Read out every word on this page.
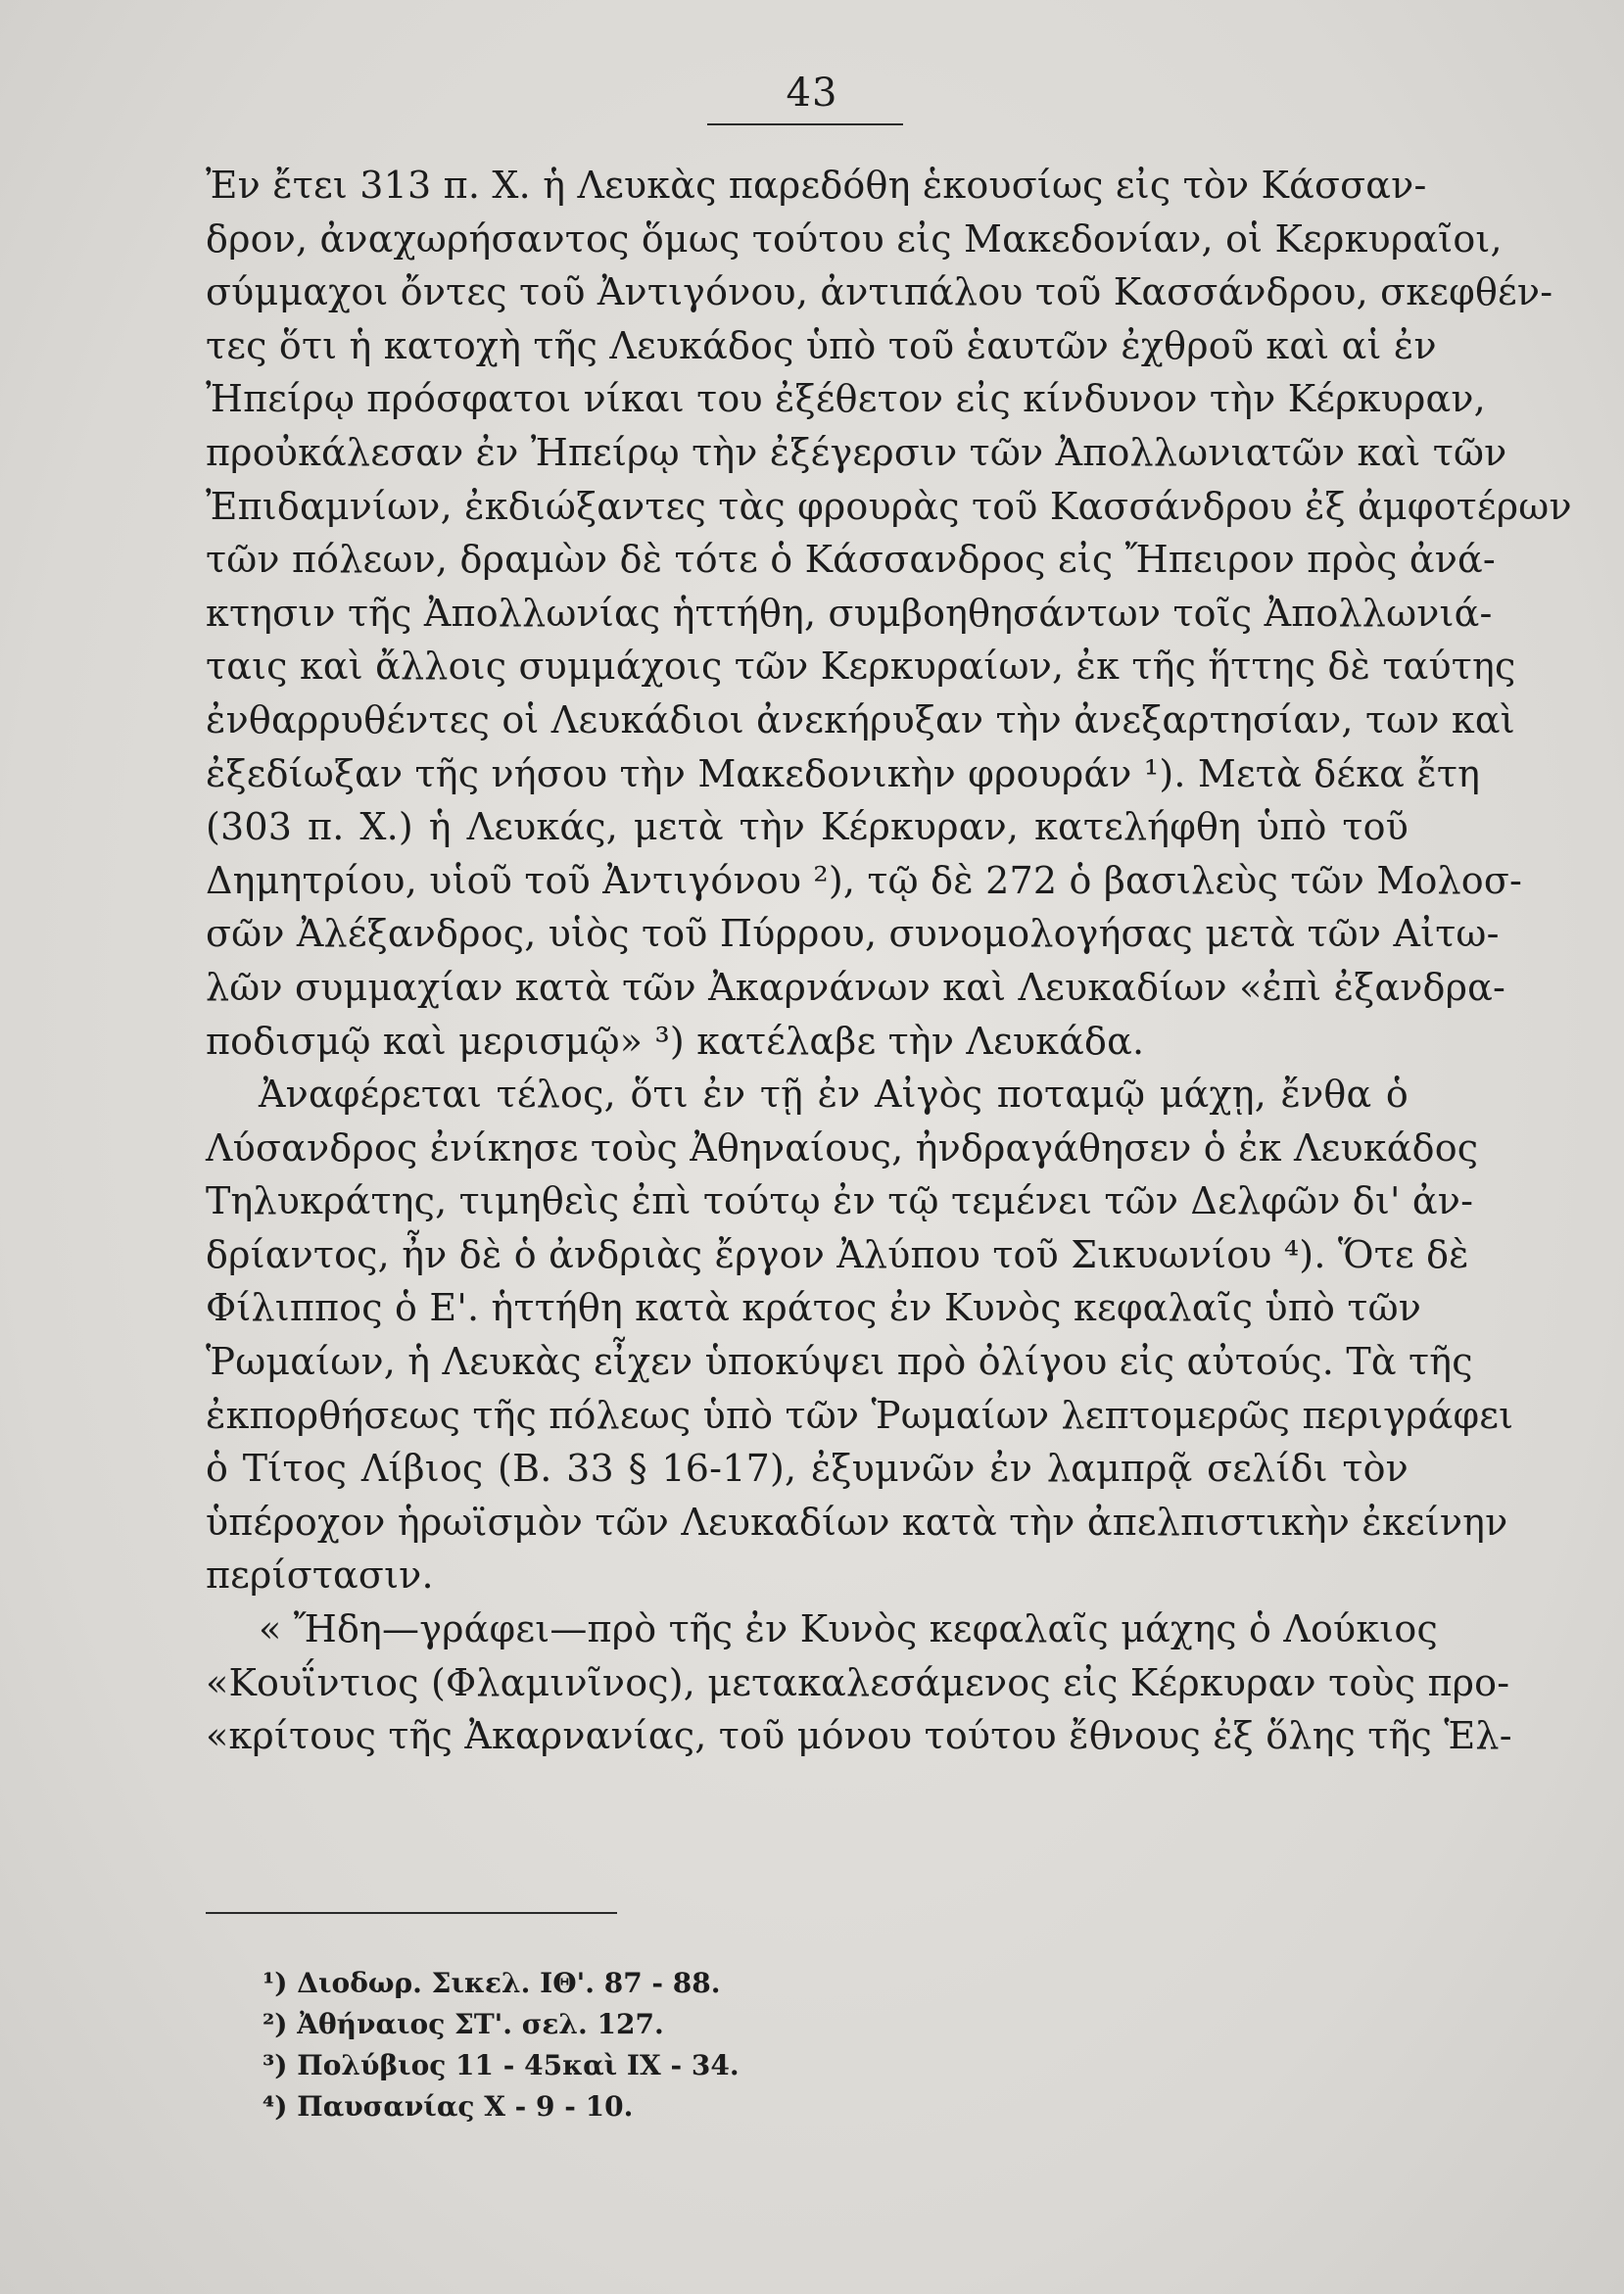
43
Ἐν ἔτει 313 π. Χ. ἡ Λευκὰς παρεδόθη ἑκουσίως εἰς τὸν Κάσσαν-
δρον, ἀναχωρήσαντος ὅμως τούτου εἰς Μακεδονίαν, οἱ Κερκυραῖοι,
σύμμαχοι ὄντες τοῦ Ἀντιγόνου, ἀντιπάλου τοῦ Κασσάνδρου, σκεφθέν-
τες ὅτι ἡ κατοχὴ τῆς Λευκάδος ὑπὸ τοῦ ἑαυτῶν ἐχθροῦ καὶ αἱ ἐν
Ἠπείρῳ πρόσφατοι νίκαι του ἐξέθετον εἰς κίνδυνον τὴν Κέρκυραν,
προὐκάλεσαν ἐν Ἠπείρῳ τὴν ἐξέγερσιν τῶν Ἀπολλωνιατῶν καὶ τῶν
Ἐπιδαμνίων, ἐκδιώξαντες τὰς φρουρὰς τοῦ Κασσάνδρου ἐξ ἀμφοτέρων
τῶν πόλεων, δραμὼν δὲ τότε ὁ Κάσσανδρος εἰς Ἤπειρον πρὸς ἀνά-
κτησιν τῆς Ἀπολλωνίας ἡττήθη, συμβοηθησάντων τοῖς Ἀπολλωνιά-
ταις καὶ ἄλλοις συμμάχοις τῶν Κερκυραίων, ἐκ τῆς ἥττης δὲ ταύτης
ἐνθαρρυθέντες οἱ Λευκάδιοι ἀνεκήρυξαν τὴν ἀνεξαρτησίαν, των καὶ
ἐξεδίωξαν τῆς νήσου τὴν Μακεδονικὴν φρουράν ¹). Μετὰ δέκα ἔτη
(303 π. Χ.) ἡ Λευκάς, μετὰ τὴν Κέρκυραν, κατελήφθη ὑπὸ τοῦ
Δημητρίου, υἱοῦ τοῦ Ἀντιγόνου ²), τῷ δὲ 272 ὁ βασιλεὺς τῶν Μολοσ-
σῶν Ἀλέξανδρος, υἱὸς τοῦ Πύρρου, συνομολογήσας μετὰ τῶν Αἰτω-
λῶν συμμαχίαν κατὰ τῶν Ἀκαρνάνων καὶ Λευκαδίων «ἐπὶ ἐξανδρα-
ποδισμῷ καὶ μερισμῷ» ³) κατέλαβε τὴν Λευκάδα.
Ἀναφέρεται τέλος, ὅτι ἐν τῇ ἐν Αἰγὸς ποταμῷ μάχῃ, ἔνθα ὁ
Λύσανδρος ἐνίκησε τοὺς Ἀθηναίους, ἠνδραγάθησεν ὁ ἐκ Λευκάδος
Τηλυκράτης, τιμηθεὶς ἐπὶ τούτῳ ἐν τῷ τεμένει τῶν Δελφῶν δι' ἀν-
δρίαντος, ἦν δὲ ὁ ἀνδριὰς ἔργον Ἀλύπου τοῦ Σικυωνίου ⁴). Ὅτε δὲ
Φίλιππος ὁ Ε'. ἡττήθη κατὰ κράτος ἐν Κυνὸς κεφαλαῖς ὑπὸ τῶν
Ῥωμαίων, ἡ Λευκὰς εἶχεν ὑποκύψει πρὸ ὀλίγου εἰς αὐτούς. Τὰ τῆς
ἐκπορθήσεως τῆς πόλεως ὑπὸ τῶν Ῥωμαίων λεπτομερῶς περιγράφει
ὁ Τίτος Λίβιος (Β. 33 § 16-17), ἐξυμνῶν ἐν λαμπρᾷ σελίδι τὸν
ὑπέροχον ἡρωϊσμὸν τῶν Λευκαδίων κατὰ τὴν ἀπελπιστικὴν ἐκείνην
περίστασιν.
« Ἤδη—γράφει—πρὸ τῆς ἐν Κυνὸς κεφαλαῖς μάχης ὁ Λούκιος
«Κουΐντιος (Φλαμινῖνος), μετακαλεσάμενος εἰς Κέρκυραν τοὺς προ-
«κρίτους τῆς Ἀκαρνανίας, τοῦ μόνου τούτου ἔθνους ἐξ ὅλης τῆς Ἑλ-
¹) Διοδωρ. Σικελ. ΙΘ'. 87 - 88.
²) Ἀθήναιος ΣΤ'. σελ. 127.
³) Πολύβιος 11 - 45καὶ ΙΧ - 34.
⁴) Παυσανίας Χ - 9 - 10.
